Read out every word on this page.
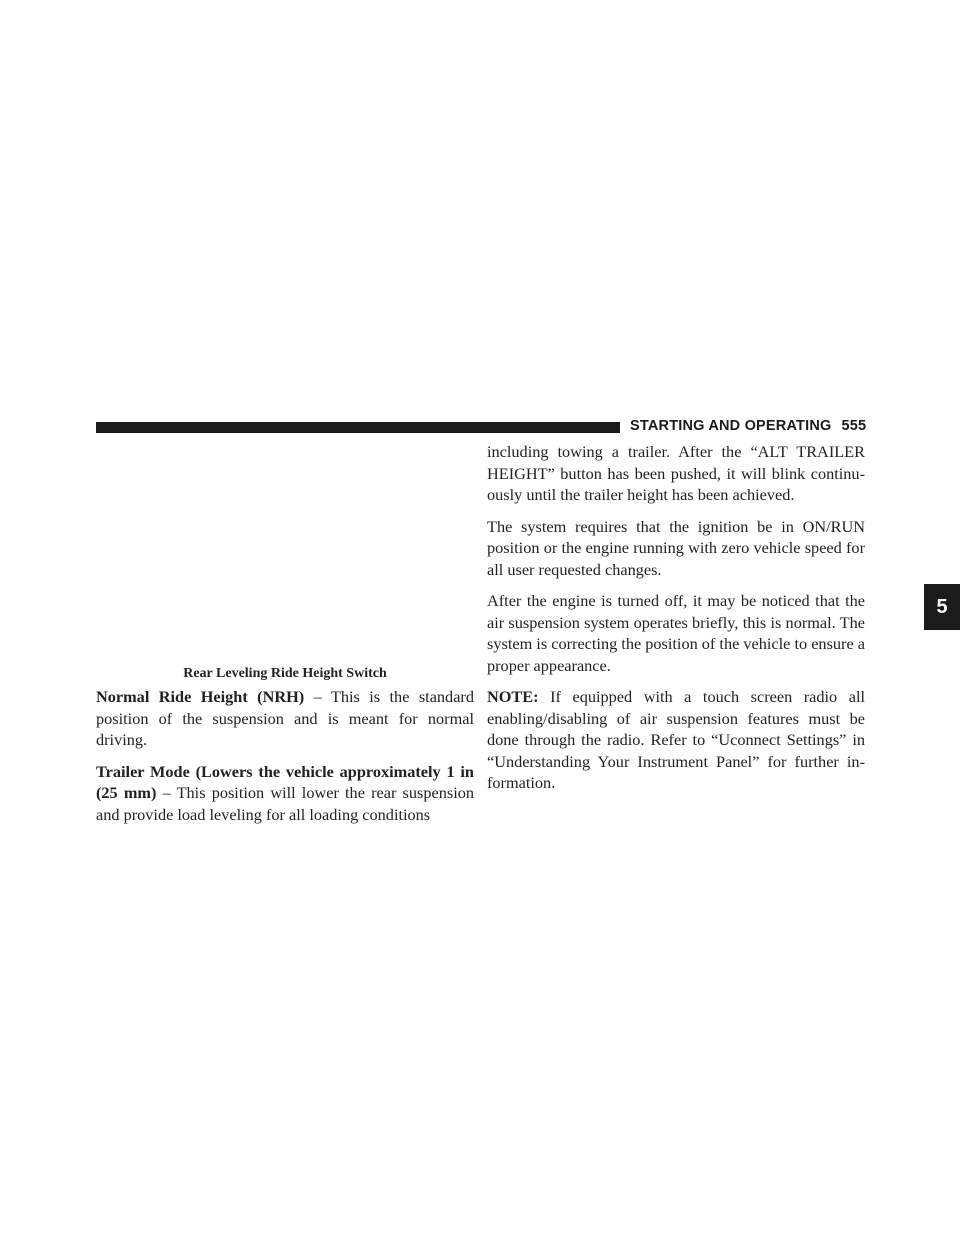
STARTING AND OPERATING 555
5
Rear Leveling Ride Height Switch

Normal Ride Height (NRH) – This is the standard position of the suspension and is meant for normal driving.

Trailer Mode (Lowers the vehicle approximately 1 in (25 mm) – This position will lower the rear suspension and provide load leveling for all loading conditions

including towing a trailer. After the “ALT TRAILER HEIGHT” button has been pushed, it will blink continu-ously until the trailer height has been achieved.

The system requires that the ignition be in ON/RUN position or the engine running with zero vehicle speed for all user requested changes.

After the engine is turned off, it may be noticed that the air suspension system operates briefly, this is normal. The system is correcting the position of the vehicle to ensure a proper appearance.

NOTE: If equipped with a touch screen radio all enabling/disabling of air suspension features must be done through the radio. Refer to “Uconnect Settings” in “Understanding Your Instrument Panel” for further in-formation.
